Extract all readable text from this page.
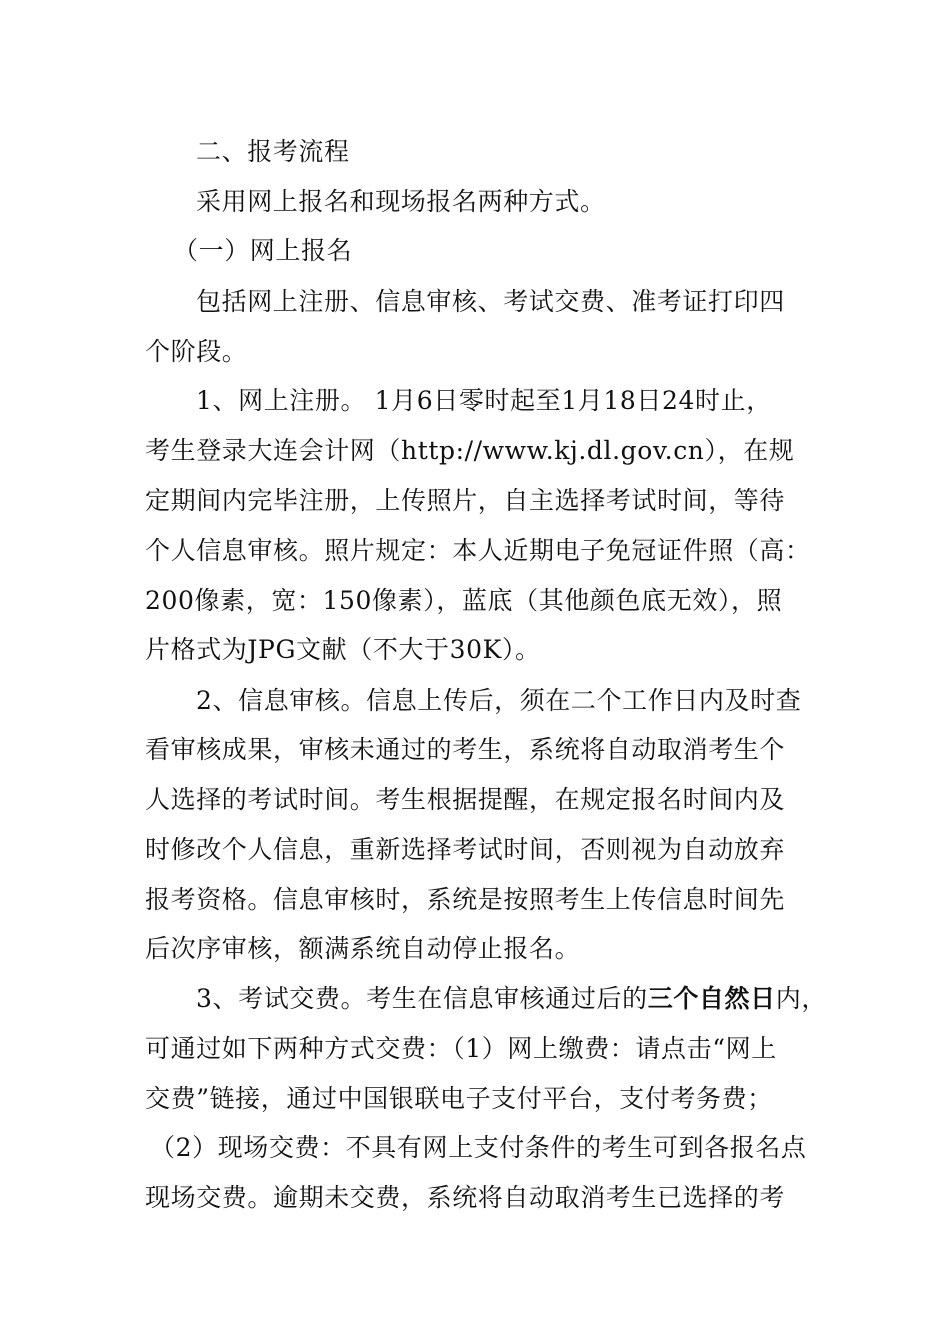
二、报考流程
采用网上报名和现场报名两种方式。
（一）网上报名
包括网上注册、信息审核、考试交费、准考证打印四
个阶段。
1、网上注册。 1月6日零时起至1月18日24时止，
考生登录大连会计网（http://www.kj.dl.gov.cn），在规
定期间内完毕注册，上传照片，自主选择考试时间，等待
个人信息审核。照片规定：本人近期电子免冠证件照（高：
200像素，宽：150像素），蓝底（其他颜色底无效），照
片格式为JPG文献（不大于30K）。
2、信息审核。信息上传后，须在二个工作日内及时查
看审核成果，审核未通过的考生，系统将自动取消考生个
人选择的考试时间。考生根据提醒，在规定报名时间内及
时修改个人信息，重新选择考试时间，否则视为自动放弃
报考资格。信息审核时，系统是按照考生上传信息时间先
后次序审核，额满系统自动停止报名。
3、考试交费。考生在信息审核通过后的三个自然日内，
可通过如下两种方式交费：（1）网上缴费：请点击“网上
交费”链接，通过中国银联电子支付平台，支付考务费；
（2）现场交费：不具有网上支付条件的考生可到各报名点
现场交费。逾期未交费，系统将自动取消考生已选择的考
